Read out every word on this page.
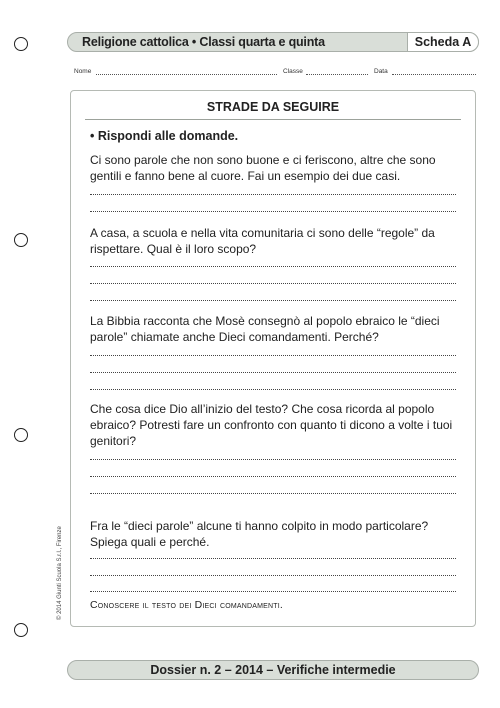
Religione cattolica • Classi quarta e quinta	Scheda A
Nome	Classe	Data
STRADE DA SEGUIRE
• Rispondi alle domande.
Ci sono parole che non sono buone e ci feriscono, altre che sono gentili e fanno bene al cuore. Fai un esempio dei due casi.
A casa, a scuola e nella vita comunitaria ci sono delle “regole” da rispettare. Qual è il loro scopo?
La Bibbia racconta che Mosè consegnò al popolo ebraico le “dieci parole” chiamate anche Dieci comandamenti. Perché?
Che cosa dice Dio all’inizio del testo? Che cosa ricorda al popolo ebraico? Potresti fare un confronto con quanto ti dicono a volte i tuoi genitori?
Fra le “dieci parole” alcune ti hanno colpito in modo particolare? Spiega quali e perché.
Conoscere il testo dei Dieci comandamenti.
© 2014 Giunti Scuola S.r.l., Firenze
Dossier n. 2 – 2014 – Verifiche intermedie
